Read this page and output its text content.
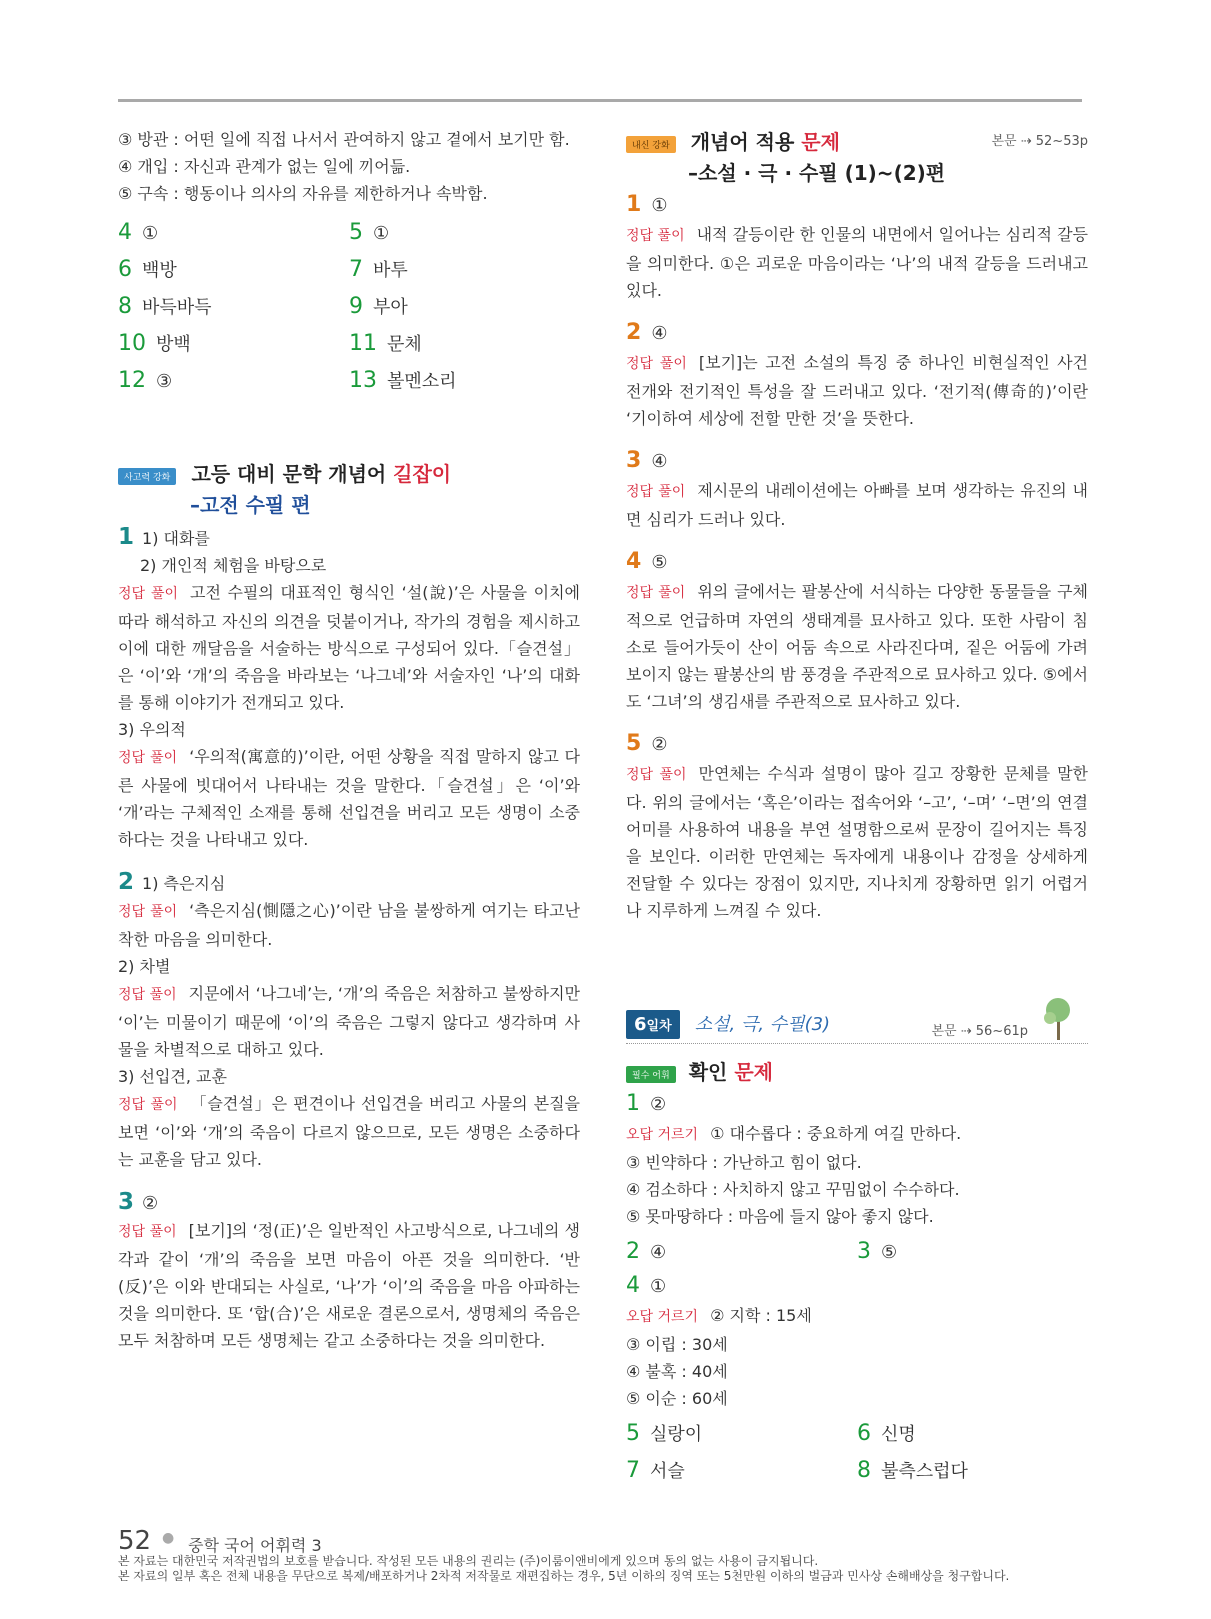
③ 방관 : 어떤 일에 직접 나서서 관여하지 않고 곁에서 보기만 함.
④ 개입 : 자신과 관계가 없는 일에 끼어듦.
⑤ 구속 : 행동이나 의사의 자유를 제한하거나 속박함.
4 ①	5 ①
6 백방	7 바투
8 바득바득	9 부아
10 방백	11 문체
12 ③	13 볼멘소리
사고력 강화 고등 대비 문학 개념어 길잡이
–고전 수필 편
1 1) 대화를
2) 개인적 체험을 바탕으로
정답 풀이 고전 수필의 대표적인 형식인 ‘설(說)’은 사물을 이치에 따라 해석하고 자신의 의견을 덧붙이거나, 작가의 경험을 제시하고 이에 대한 깨달음을 서술하는 방식으로 구성되어 있다.「슬견설」은 ‘이’와 ‘개’의 죽음을 바라보는 ‘나그네’와 서술자인 ‘나’의 대화를 통해 이야기가 전개되고 있다.
3) 우의적
정답 풀이 ‘우의적(寓意的)’이란, 어떤 상황을 직접 말하지 않고 다른 사물에 빗대어서 나타내는 것을 말한다.「슬견설」은 ‘이’와 ‘개’라는 구체적인 소재를 통해 선입견을 버리고 모든 생명이 소중하다는 것을 나타내고 있다.
2 1) 측은지심
정답 풀이 ‘측은지심(惻隱之心)’이란 남을 불쌍하게 여기는 타고난 착한 마음을 의미한다.
2) 차별
정답 풀이 지문에서 ‘나그네’는, ‘개’의 죽음은 처참하고 불쌍하지만 ‘이’는 미물이기 때문에 ‘이’의 죽음은 그렇지 않다고 생각하며 사물을 차별적으로 대하고 있다.
3) 선입견, 교훈
정답 풀이 「슬견설」은 편견이나 선입견을 버리고 사물의 본질을 보면 ‘이’와 ‘개’의 죽음이 다르지 않으므로, 모든 생명은 소중하다는 교훈을 담고 있다.
3 ②
정답 풀이 [보기]의 ‘정(正)’은 일반적인 사고방식으로, 나그네의 생각과 같이 ‘개’의 죽음을 보면 마음이 아픈 것을 의미한다. ‘반(反)’은 이와 반대되는 사실로, ‘나’가 ‘이’의 죽음을 마음 아파하는 것을 의미한다. 또 ‘합(合)’은 새로운 결론으로서, 생명체의 죽음은 모두 처참하며 모든 생명체는 같고 소중하다는 것을 의미한다.
내신 강화 개념어 적용 문제	본문 ⇢ 52~53p
–소설 · 극 · 수필 (1)~(2)편
1 ①
정답 풀이 내적 갈등이란 한 인물의 내면에서 일어나는 심리적 갈등을 의미한다. ①은 괴로운 마음이라는 ‘나’의 내적 갈등을 드러내고 있다.
2 ④
정답 풀이 [보기]는 고전 소설의 특징 중 하나인 비현실적인 사건 전개와 전기적인 특성을 잘 드러내고 있다. ‘전기적(傳奇的)’이란 ‘기이하여 세상에 전할 만한 것’을 뜻한다.
3 ④
정답 풀이 제시문의 내레이션에는 아빠를 보며 생각하는 유진의 내면 심리가 드러나 있다.
4 ⑤
정답 풀이 위의 글에서는 팔봉산에 서식하는 다양한 동물들을 구체적으로 언급하며 자연의 생태계를 묘사하고 있다. 또한 사람이 침소로 들어가듯이 산이 어둠 속으로 사라진다며, 짙은 어둠에 가려 보이지 않는 팔봉산의 밤 풍경을 주관적으로 묘사하고 있다. ⑤에서도 ‘그녀’의 생김새를 주관적으로 묘사하고 있다.
5 ②
정답 풀이 만연체는 수식과 설명이 많아 길고 장황한 문체를 말한다. 위의 글에서는 ‘혹은’이라는 접속어와 ‘–고’, ‘–며’ ‘–면’의 연결 어미를 사용하여 내용을 부연 설명함으로써 문장이 길어지는 특징을 보인다. 이러한 만연체는 독자에게 내용이나 감정을 상세하게 전달할 수 있다는 장점이 있지만, 지나치게 장황하면 읽기 어렵거나 지루하게 느껴질 수 있다.
6일차 소설, 극, 수필(3)	본문 ⇢ 56~61p
필수 어휘 확인 문제
1 ②
오답 거르기 ① 대수롭다 : 중요하게 여길 만하다.
③ 빈약하다 : 가난하고 힘이 없다.
④ 검소하다 : 사치하지 않고 꾸밈없이 수수하다.
⑤ 못마땅하다 : 마음에 들지 않아 좋지 않다.
2 ④	3 ⑤
4 ①
오답 거르기 ② 지학 : 15세
③ 이립 : 30세
④ 불혹 : 40세
⑤ 이순 : 60세
5 실랑이	6 신명
7 서슬	8 불측스럽다
52 ● 중학 국어 어휘력 3
본 자료는 대한민국 저작권법의 보호를 받습니다. 작성된 모든 내용의 권리는 (주)이룸이앤비에게 있으며 동의 없는 사용이 금지됩니다.
본 자료의 일부 혹은 전체 내용을 무단으로 복제/배포하거나 2차적 저작물로 재편집하는 경우, 5년 이하의 징역 또는 5천만원 이하의 벌금과 민사상 손해배상을 청구합니다.
